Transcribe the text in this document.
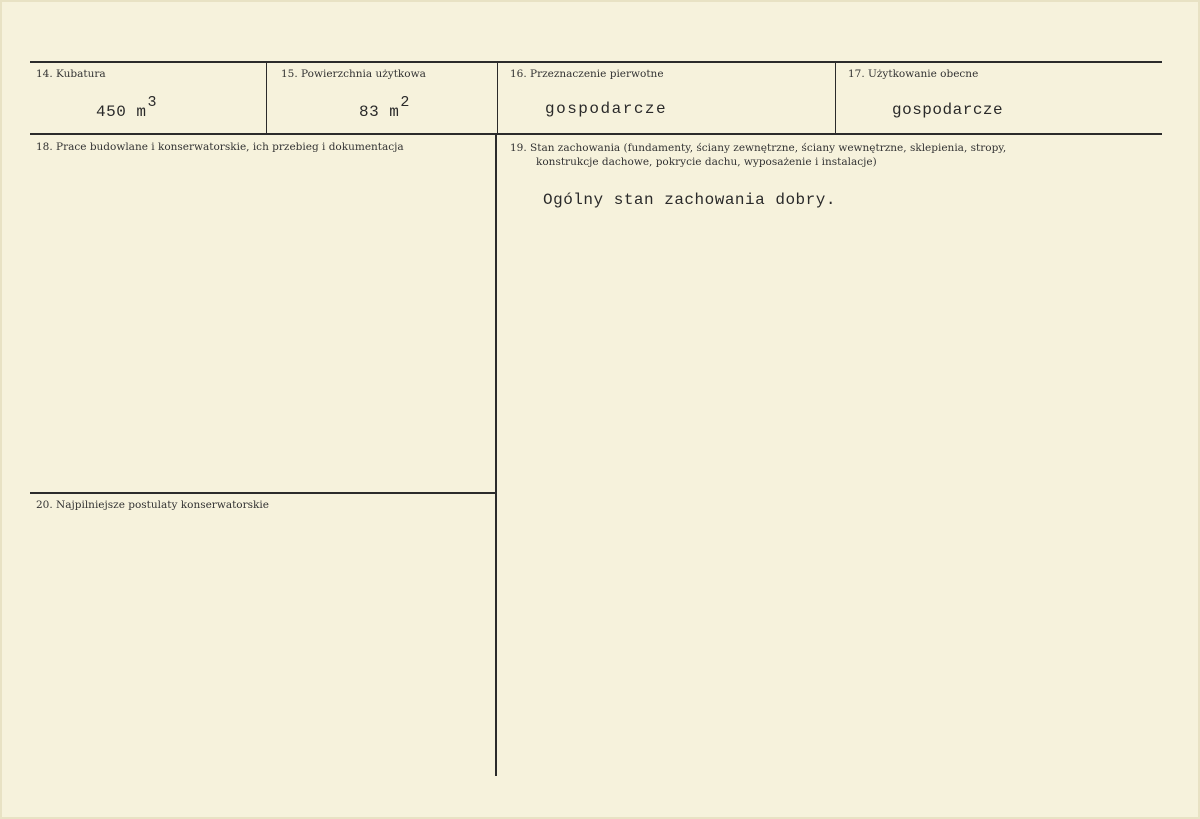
14. Kubatura
450 m3
15. Powierzchnia użytkowa
83 m2
16. Przeznaczenie pierwotne
gospodarcze
17. Użytkowanie obecne
gospodarcze
18. Prace budowlane i konserwatorskie, ich przebieg i dokumentacja	19. Stan zachowania (fundamenty, ściany zewnętrzne, ściany wewnętrzne, sklepienia, stropy,
konstrukcje dachowe, pokrycie dachu, wyposażenie i instalacje)
Ogólny stan zachowania dobry.
20. Najpilniejsze postulaty konserwatorskie
